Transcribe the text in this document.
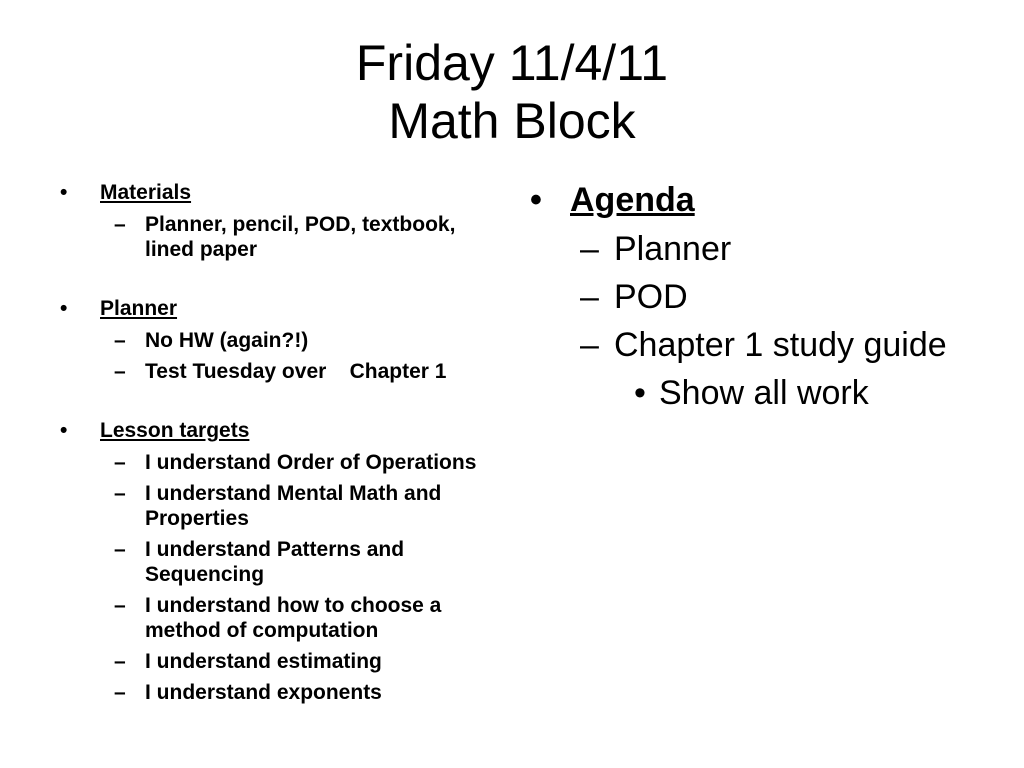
Friday 11/4/11
Math Block
• Materials
– Planner, pencil, POD, textbook, lined paper
• Planner
– No HW (again?!)
– Test Tuesday over    Chapter 1
• Lesson targets
– I understand Order of Operations
– I understand Mental Math and Properties
– I understand Patterns and Sequencing
– I understand how to choose a method of computation
– I understand estimating
– I understand exponents
• Agenda
– Planner
– POD
– Chapter 1 study guide
• Show all work
